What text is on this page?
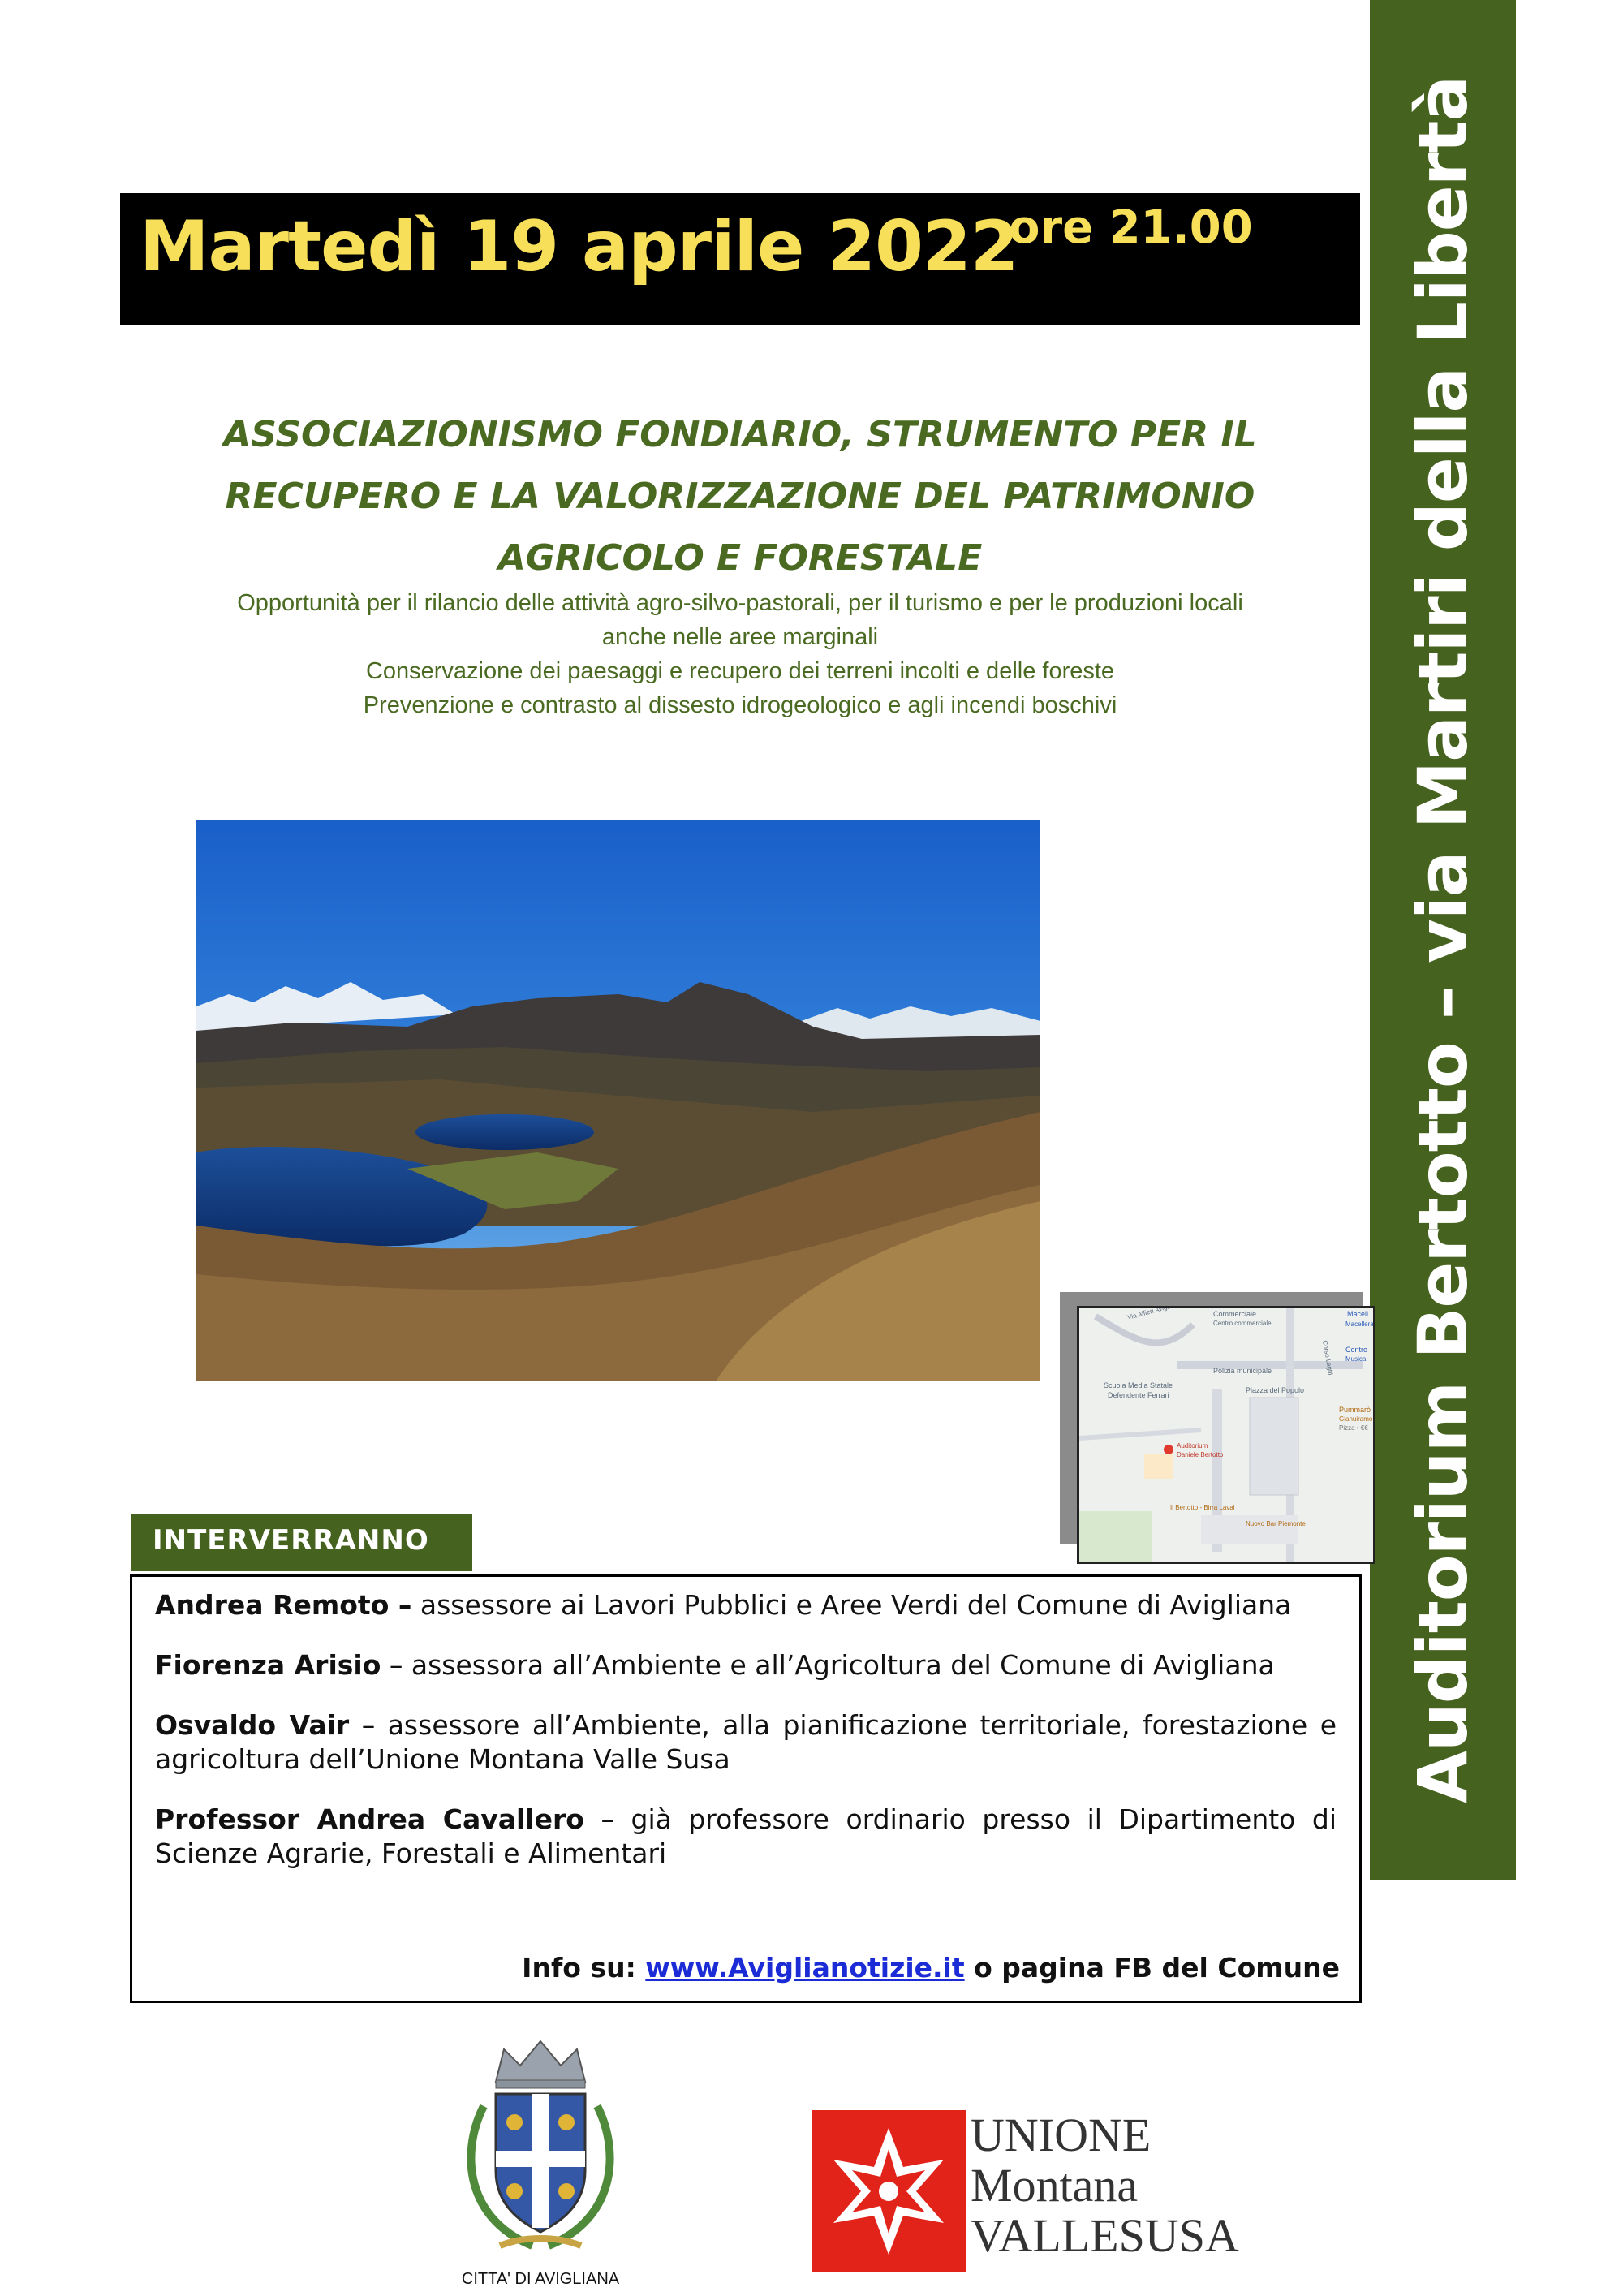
Martedì 19 aprile 2022
ore 21.00 Auditorium Bertotto – via Martiri della Libertà
ASSOCIAZIONISMO FONDIARIO, STRUMENTO PER IL
RECUPERO E LA VALORIZZAZIONE DEL PATRIMONIO
AGRICOLO E FORESTALE
Opportunità per il rilancio delle attività agro-silvo-pastorali, per il turismo e per le produzioni locali
anche nelle aree marginali
Conservazione dei paesaggi e recupero dei terreni incolti e delle foreste
Prevenzione e contrasto al dissesto idrogeologico e agli incendi boschivi
Commerciale
Centro commerciale
Macell
Macellera
Centro
Musica
Polizia municipale
Scuola Media Statale
Defendente Ferrari
Piazza del Popolo
Pummarò
Gianuiramo
Pizza • €€
Auditorium
Daniele Bertotto
Il Bertotto - Birra Laval
Nuovo Bar Piemonte
Corso Laghi
INTERVERRANNO
Andrea Remoto – assessore ai Lavori Pubblici e Aree Verdi del Comune di Avigliana
Fiorenza Arisio – assessora all’Ambiente e all’Agricoltura del Comune di Avigliana
Osvaldo Vair – assessore all’Ambiente, alla pianificazione territoriale, forestazione e agricoltura dell’Unione Montana Valle Susa
Professor Andrea Cavallero – già professore ordinario presso il Dipartimento di Scienze Agrarie, Forestali e Alimentari
Info su: www.Aviglianotizie.it o pagina FB del Comune
CITTA' DI AVIGLIANA
UNIONE
Montana
VALLESUSA
